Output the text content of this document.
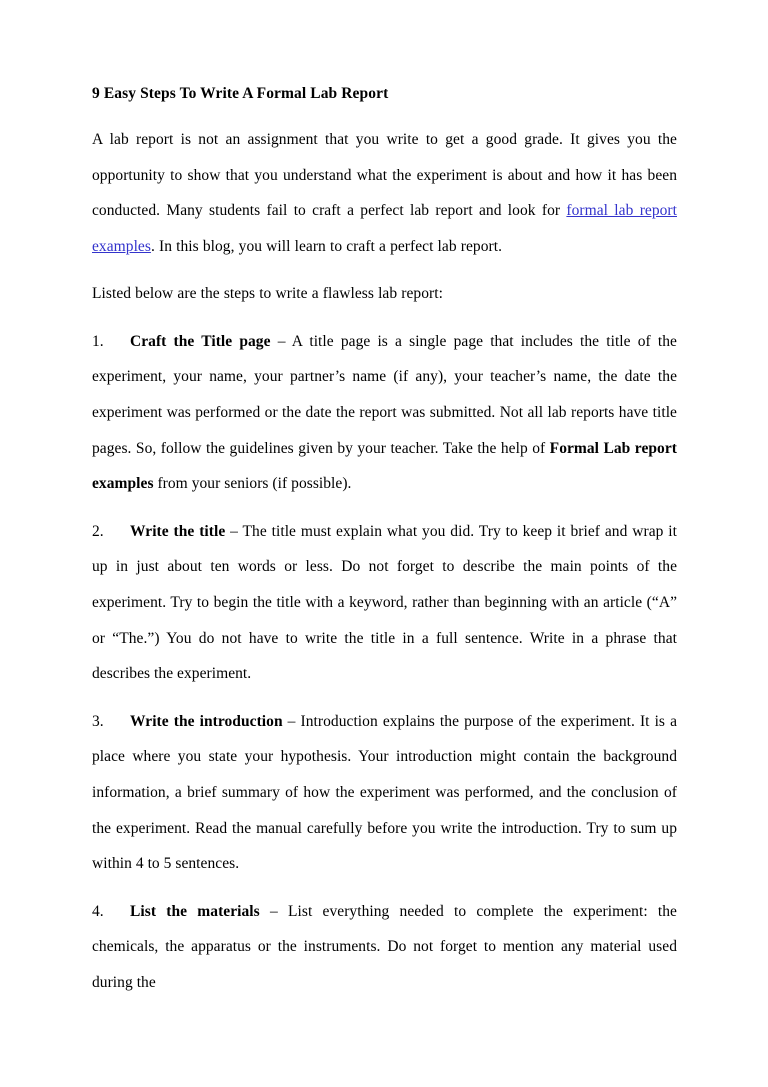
9 Easy Steps To Write A Formal Lab Report

A lab report is not an assignment that you write to get a good grade. It gives you the opportunity to show that you understand what the experiment is about and how it has been conducted. Many students fail to craft a perfect lab report and look for formal lab report examples. In this blog, you will learn to craft a perfect lab report.

Listed below are the steps to write a flawless lab report:

1. Craft the Title page – A title page is a single page that includes the title of the experiment, your name, your partner’s name (if any), your teacher’s name, the date the experiment was performed or the date the report was submitted. Not all lab reports have title pages. So, follow the guidelines given by your teacher. Take the help of Formal Lab report examples from your seniors (if possible).

2. Write the title – The title must explain what you did. Try to keep it brief and wrap it up in just about ten words or less. Do not forget to describe the main points of the experiment. Try to begin the title with a keyword, rather than beginning with an article (“A” or “The.”) You do not have to write the title in a full sentence. Write in a phrase that describes the experiment.

3. Write the introduction – Introduction explains the purpose of the experiment. It is a place where you state your hypothesis. Your introduction might contain the background information, a brief summary of how the experiment was performed, and the conclusion of the experiment. Read the manual carefully before you write the introduction. Try to sum up within 4 to 5 sentences.

4. List the materials – List everything needed to complete the experiment: the chemicals, the apparatus or the instruments. Do not forget to mention any material used during the
